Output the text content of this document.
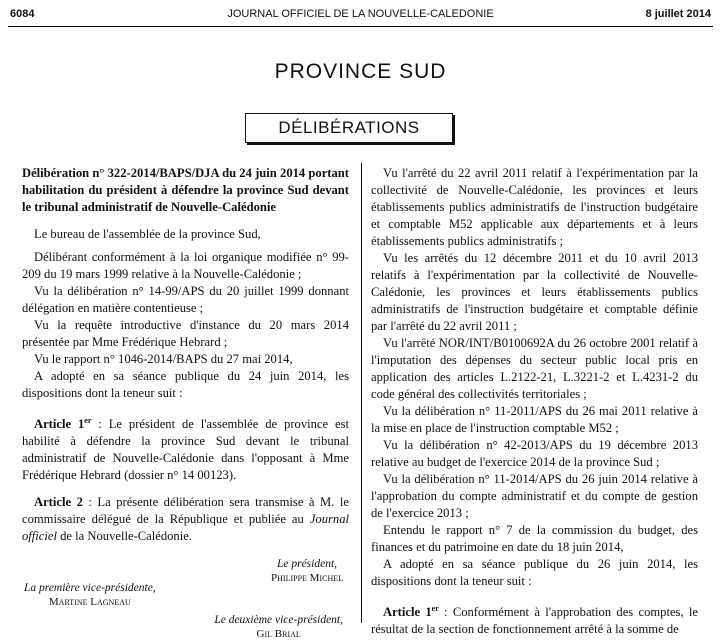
6084	JOURNAL OFFICIEL DE LA NOUVELLE-CALEDONIE	8 juillet 2014
PROVINCE SUD
DÉLIBÉRATIONS

Délibération n° 322-2014/BAPS/DJA du 24 juin 2014 portant habilitation du président à défendre la province Sud devant le tribunal administratif de Nouvelle-Calédonie

Le bureau de l'assemblée de la province Sud,

Délibérant conformément à la loi organique modifiée n° 99-209 du 19 mars 1999 relative à la Nouvelle-Calédonie ;

Vu la délibération n° 14-99/APS du 20 juillet 1999 donnant délégation en matière contentieuse ;

Vu la requête introductive d'instance du 20 mars 2014 présentée par Mme Frédérique Hebrard ;

Vu le rapport n° 1046-2014/BAPS du 27 mai 2014,

A adopté en sa séance publique du 24 juin 2014, les dispositions dont la teneur suit :

Article 1er : Le président de l'assemblée de province est habilité à défendre la province Sud devant le tribunal administratif de Nouvelle-Calédonie dans l'opposant à Mme Frédérique Hebrard (dossier n° 14 00123).

Article 2 : La présente délibération sera transmise à M. le commissaire délégué de la République et publiée au Journal officiel de la Nouvelle-Calédonie.

Le président,
Philippe Michel
La première vice-présidente,
Martine Lagneau
Le deuxième vice-président,
Gil Brial

Vu l'arrêté du 22 avril 2011 relatif à l'expérimentation par la collectivité de Nouvelle-Calédonie, les provinces et leurs établissements publics administratifs de l'instruction budgétaire et comptable M52 applicable aux départements et à leurs établissements publics administratifs ;

Vu les arrêtés du 12 décembre 2011 et du 10 avril 2013 relatifs à l'expérimentation par la collectivité de Nouvelle-Calédonie, les provinces et leurs établissements publics administratifs de l'instruction budgétaire et comptable définie par l'arrêté du 22 avril 2011 ;

Vu l'arrêté NOR/INT/B0100692A du 26 octobre 2001 relatif à l'imputation des dépenses du secteur public local pris en application des articles L.2122-21, L.3221-2 et L.4231-2 du code général des collectivités territoriales ;

Vu la délibération n° 11-2011/APS du 26 mai 2011 relative à la mise en place de l'instruction comptable M52 ;

Vu la délibération n° 42-2013/APS du 19 décembre 2013 relative au budget de l'exercice 2014 de la province Sud ;

Vu la délibération n° 11-2014/APS du 26 juin 2014 relative à l'approbation du compte administratif et du compte de gestion de l'exercice 2013 ;

Entendu le rapport n° 7 de la commission du budget, des finances et du patrimoine en date du 18 juin 2014,

A adopté en sa séance publique du 26 juin 2014, les dispositions dont la teneur suit :

Article 1er : Conformément à l'approbation des comptes, le résultat de la section de fonctionnement arrêté à la somme de
